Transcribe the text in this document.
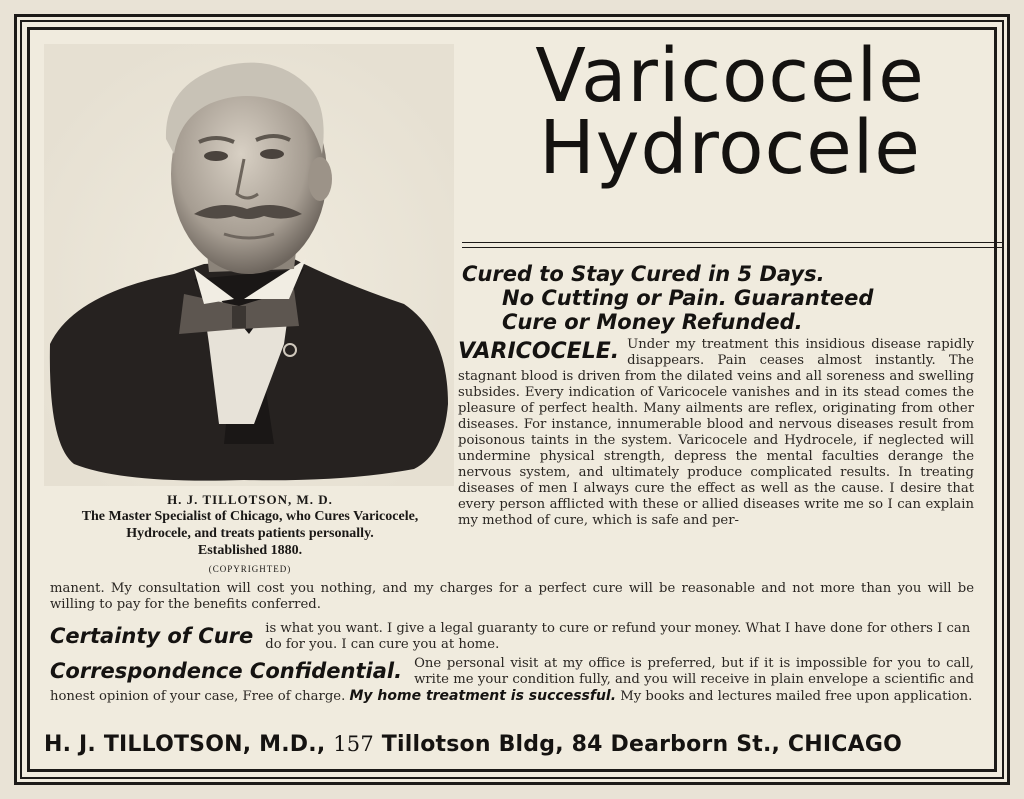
H. J. TILLOTSON, M. D.
The Master Specialist of Chicago, who Cures Varicocele,
Hydrocele, and treats patients personally.
Established 1880.
(COPYRIGHTED)
Varicocele
Hydrocele
Cured to Stay Cured in 5 Days.
No Cutting or Pain. Guaranteed
Cure or Money Refunded.
VARICOCELE. Under my treatment this insidious disease rapidly disappears. Pain ceases almost instantly. The stagnant blood is driven from the dilated veins and all soreness and swelling subsides. Every indication of Varicocele vanishes and in its stead comes the pleasure of perfect health. Many ailments are reflex, originating from other diseases. For instance, innumerable blood and nervous diseases result from poisonous taints in the system. Varicocele and Hydrocele, if neglected will undermine physical strength, depress the mental faculties derange the nervous system, and ultimately produce complicated results. In treating diseases of men I always cure the effect as well as the cause. I desire that every person afflicted with these or allied diseases write me so I can explain my method of cure, which is safe and per-
manent. My consultation will cost you nothing, and my charges for a perfect cure will be reasonable and not more than you will be willing to pay for the benefits conferred.
Certainty of Cure is what you want. I give a legal guaranty to cure or refund your money. What I have done for others I can do for you. I can cure you at home.
Correspondence Confidential. One personal visit at my office is preferred, but if it is impossible for you to call, write me your condition fully, and you will receive in plain envelope a scientific and honest opinion of your case, Free of charge. My home treatment is successful. My books and lectures mailed free upon application.
H. J. TILLOTSON, M.D., 157 Tillotson Bldg, 84 Dearborn St., CHICAGO
